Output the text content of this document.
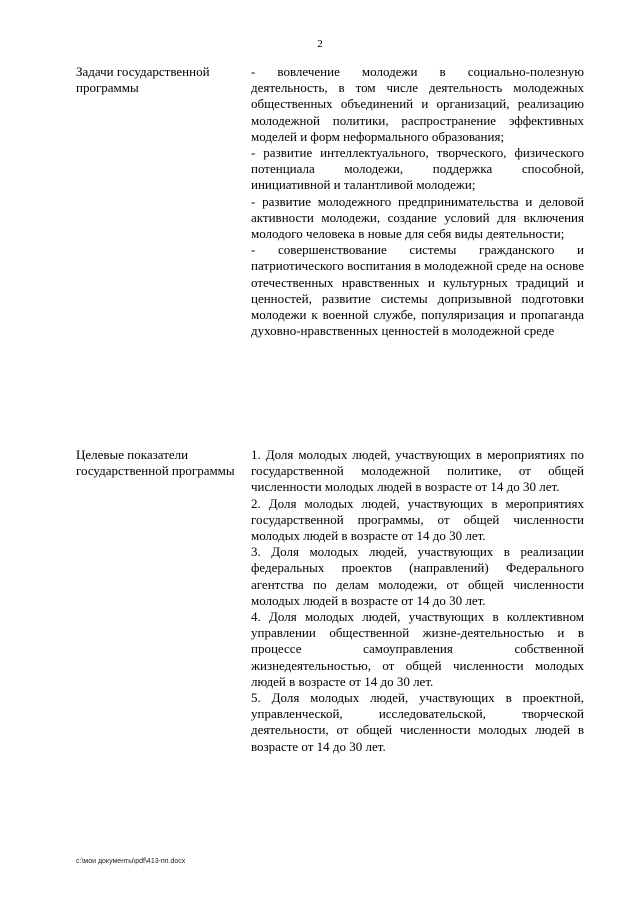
2
Задачи государственной программы

- вовлечение молодежи в социально-полезную деятельность, в том числе деятельность молодежных общественных объединений и организаций, реализацию молодежной политики, распространение эффективных моделей и форм неформального образования;

- развитие интеллектуального, творческого, физического потенциала молодежи, поддержка способной, инициативной и талантливой молодежи;

- развитие молодежного предпринимательства и деловой активности молодежи, создание условий для включения молодого человека в новые для себя виды деятельности;

- совершенствование системы гражданского и патриотического воспитания в молодежной среде на основе отечественных нравственных и культурных традиций и ценностей, развитие системы допризывной подготовки молодежи к военной службе, популяризация и пропаганда духовно-нравственных ценностей в молодежной среде

Целевые показатели государственной программы

1. Доля молодых людей, участвующих в мероприятиях по государственной молодежной политике, от общей численности молодых людей в возрасте от 14 до 30 лет.

2. Доля молодых людей, участвующих в мероприятиях государственной программы, от общей численности молодых людей в возрасте от 14 до 30 лет.

3. Доля молодых людей, участвующих в реализации федеральных проектов (направлений) Федерального агентства по делам молодежи, от общей численности молодых людей в возрасте от 14 до 30 лет.

4. Доля молодых людей, участвующих в коллективном управлении общественной жизне-деятельностью и в процессе самоуправления собственной жизнедеятельностью, от общей численности молодых людей в возрасте от 14 до 30 лет.

5. Доля молодых людей, участвующих в проектной, управленческой, исследовательской, творческой деятельности, от общей численности молодых людей в возрасте от 14 до 30 лет.

c:\мои документы\pdf\413-пп.docx
